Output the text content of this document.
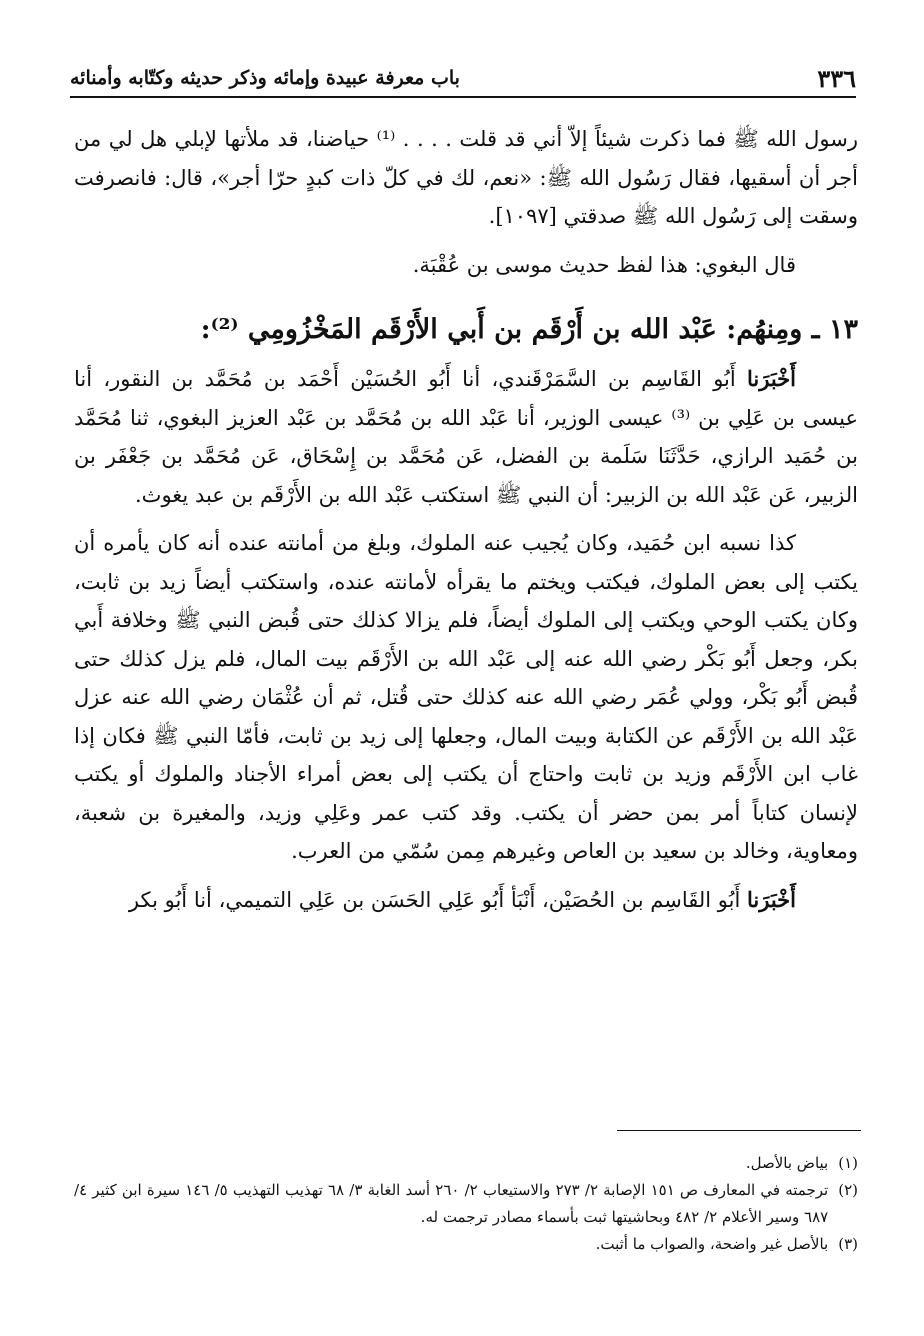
٣٣٦
باب معرفة عبيدة وإمائه وذكر حديثه وكتّابه وأمنائه

رسول الله ﷺ فما ذكرت شيئاً إلاّ أني قد قلت . . . . ⁽¹⁾ حياضنا، قد ملأتها لإبلي هل لي من أجر أن أسقيها، فقال رَسُول الله ﷺ: «نعم، لك في كلّ ذات كبدٍ حرّا أجر»، قال: فانصرفت وسقت إلى رَسُول الله ﷺ صدقتي [١٠٩٧].

قال البغوي: هذا لفظ حديث موسى بن عُقْبَة.

١٣ ـ ومِنهُم: عَبْد الله بن أَرْقَم بن أَبي الأَرْقَم المَخْزُومِي ⁽²⁾:

أَخْبَرَنا أَبُو القَاسِم بن السَّمَرْقَندي، أنا أَبُو الحُسَيْن أَحْمَد بن مُحَمَّد بن النقور، أنا عيسى بن عَلِي بن ⁽³⁾ عيسى الوزير، أنا عَبْد الله بن مُحَمَّد بن عَبْد العزيز البغوي، ثنا مُحَمَّد بن حُمَيد الرازي، حَدَّثَنَا سَلَمة بن الفضل، عَن مُحَمَّد بن إِسْحَاق، عَن مُحَمَّد بن جَعْفَر بن الزبير، عَن عَبْد الله بن الزبير: أن النبي ﷺ استكتب عَبْد الله بن الأَرْقَم بن عبد يغوث.

كذا نسبه ابن حُمَيد، وكان يُجيب عنه الملوك، وبلغ من أمانته عنده أنه كان يأمره أن يكتب إلى بعض الملوك، فيكتب ويختم ما يقرأه لأمانته عنده، واستكتب أيضاً زيد بن ثابت، وكان يكتب الوحي ويكتب إلى الملوك أيضاً، فلم يزالا كذلك حتى قُبض النبي ﷺ وخلافة أَبي بكر، وجعل أَبُو بَكْر رضي الله عنه إلى عَبْد الله بن الأَرْقَم بيت المال، فلم يزل كذلك حتى قُبض أَبُو بَكْر، وولي عُمَر رضي الله عنه كذلك حتى قُتل، ثم أن عُثْمَان رضي الله عنه عزل عَبْد الله بن الأَرْقَم عن الكتابة وبيت المال، وجعلها إلى زيد بن ثابت، فأمّا النبي ﷺ فكان إذا غاب ابن الأَرْقَم وزيد بن ثابت واحتاج أن يكتب إلى بعض أمراء الأجناد والملوك أو يكتب لإنسان كتاباً أمر بمن حضر أن يكتب. وقد كتب عمر وعَلِي وزيد، والمغيرة بن شعبة، ومعاوية، وخالد بن سعيد بن العاص وغيرهم مِمن سُمّي من العرب.

أَخْبَرَنا أَبُو القَاسِم بن الحُصَيْن، أَنْبَأ أَبُو عَلِي الحَسَن بن عَلِي التميمي، أنا أَبُو بكر

(١)
بياض بالأصل.
(٢)
ترجمته في المعارف ص ١٥١ الإصابة ٢/ ٢٧٣ والاستيعاب ٢/ ٢٦٠ أسد الغابة ٣/ ٦٨ تهذيب التهذيب ٥/ ١٤٦ سيرة ابن كثير ٤/ ٦٨٧ وسير الأعلام ٢/ ٤٨٢ وبحاشيتها ثبت بأسماء مصادر ترجمت له.
(٣)
بالأصل غير واضحة، والصواب ما أثبت.
